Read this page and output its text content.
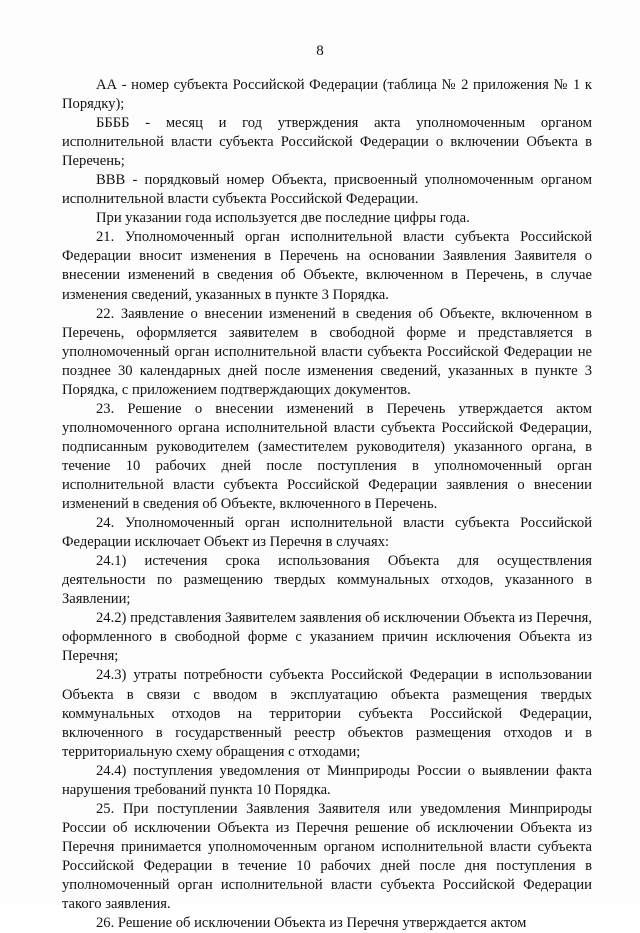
8

АА - номер субъекта Российской Федерации (таблица № 2 приложения № 1 к Порядку);

ББББ - месяц и год утверждения акта уполномоченным органом исполнительной власти субъекта Российской Федерации о включении Объекта в Перечень;

ВВВ - порядковый номер Объекта, присвоенный уполномоченным органом исполнительной власти субъекта Российской Федерации.

При указании года используется две последние цифры года.

21. Уполномоченный орган исполнительной власти субъекта Российской Федерации вносит изменения в Перечень на основании Заявления Заявителя о внесении изменений в сведения об Объекте, включенном в Перечень, в случае изменения сведений, указанных в пункте 3 Порядка.

22. Заявление о внесении изменений в сведения об Объекте, включенном в Перечень, оформляется заявителем в свободной форме и представляется в уполномоченный орган исполнительной власти субъекта Российской Федерации не позднее 30 календарных дней после изменения сведений, указанных в пункте 3 Порядка, с приложением подтверждающих документов.

23. Решение о внесении изменений в Перечень утверждается актом уполномоченного органа исполнительной власти субъекта Российской Федерации, подписанным руководителем (заместителем руководителя) указанного органа, в течение 10 рабочих дней после поступления в уполномоченный орган исполнительной власти субъекта Российской Федерации заявления о внесении изменений в сведения об Объекте, включенного в Перечень.

24. Уполномоченный орган исполнительной власти субъекта Российской Федерации исключает Объект из Перечня в случаях:

24.1) истечения срока использования Объекта для осуществления деятельности по размещению твердых коммунальных отходов, указанного в Заявлении;

24.2) представления Заявителем заявления об исключении Объекта из Перечня, оформленного в свободной форме с указанием причин исключения Объекта из Перечня;

24.3) утраты потребности субъекта Российской Федерации в использовании Объекта в связи с вводом в эксплуатацию объекта размещения твердых коммунальных отходов на территории субъекта Российской Федерации, включенного в государственный реестр объектов размещения отходов и в территориальную схему обращения с отходами;

24.4) поступления уведомления от Минприроды России о выявлении факта нарушения требований пункта 10 Порядка.

25. При поступлении Заявления Заявителя или уведомления Минприроды России об исключении Объекта из Перечня решение об исключении Объекта из Перечня принимается уполномоченным органом исполнительной власти субъекта Российской Федерации в течение 10 рабочих дней после дня поступления в уполномоченный орган исполнительной власти субъекта Российской Федерации такого заявления.

26. Решение об исключении Объекта из Перечня утверждается актом
